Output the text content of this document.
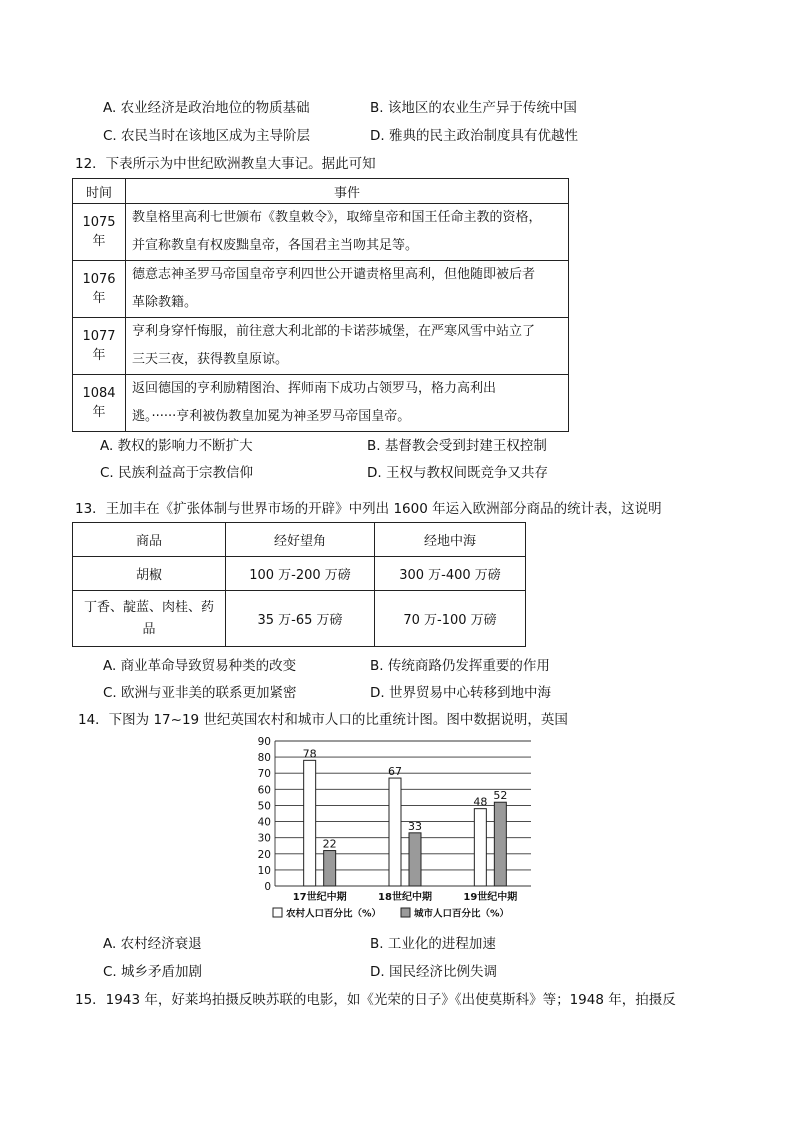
A. 农业经济是政治地位的物质基础	B. 该地区的农业生产异于传统中国
C. 农民当时在该地区成为主导阶层	D. 雅典的民主政治制度具有优越性
12．下表所示为中世纪欧洲教皇大事记。据此可知
时间	事件
1075 年	教皇格里高利七世颁布《教皇敕令》，取缔皇帝和国王任命主教的资格，
并宣称教皇有权废黜皇帝，各国君主当吻其足等。

1076 年	德意志神圣罗马帝国皇帝亨利四世公开谴责格里高利，但他随即被后者
革除教籍。

1077 年	亨利身穿忏悔服，前往意大利北部的卡诺莎城堡，在严寒风雪中站立了
三天三夜，获得教皇原谅。

1084 年	返回德国的亨利励精图治、挥师南下成功占领罗马，格力高利出
逃。······亨利被伪教皇加冕为神圣罗马帝国皇帝。
A. 教权的影响力不断扩大	B. 基督教会受到封建王权控制
C. 民族利益高于宗教信仰	D. 王权与教权间既竞争又共存
13．王加丰在《扩张体制与世界市场的开辟》中列出 1600 年运入欧洲部分商品的统计表，这说明
商品	经好望角	经地中海
胡椒	100 万-200 万磅	300 万-400 万磅

丁香、靛蓝、肉桂、药
品	35 万-65 万磅	70 万-100 万磅
A. 商业革命导致贸易种类的改变	B. 传统商路仍发挥重要的作用
C. 欧洲与亚非美的联系更加紧密	D. 世界贸易中心转移到地中海
14．下图为 17~19 世纪英国农村和城市人口的比重统计图。图中数据说明，英国
0
10
20
30
40
50
60
70
80
90
78
22
17世纪中期
67
33
18世纪中期
48 52
19世纪中期
农村人口百分比（%）	城市人口百分比（%）
A. 农村经济衰退	B. 工业化的进程加速
C. 城乡矛盾加剧	D. 国民经济比例失调
15．1943 年，好莱坞拍摄反映苏联的电影，如《光荣的日子》《出使莫斯科》等；1948 年，拍摄反
